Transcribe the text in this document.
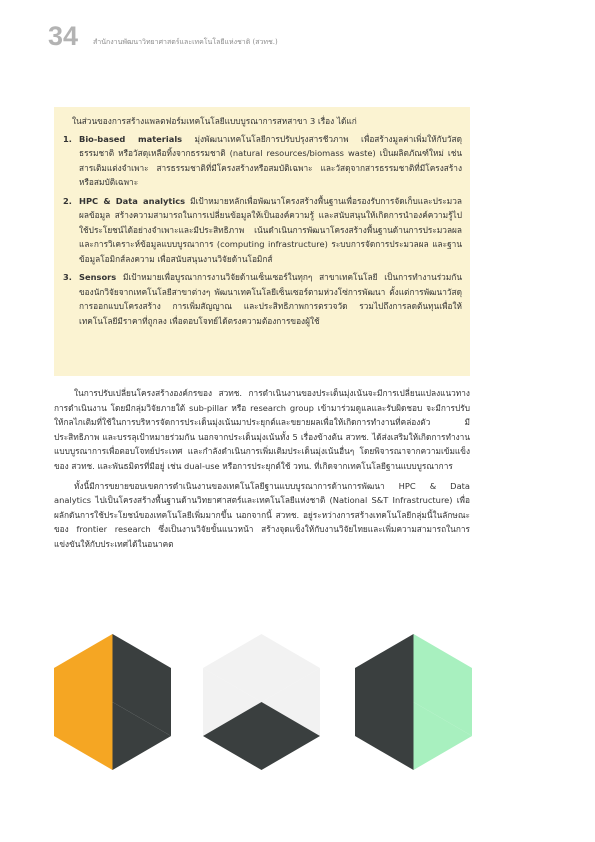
34 สำนักงานพัฒนาวิทยาศาสตร์และเทคโนโลยีแห่งชาติ (สวทช.)
ในส่วนของการสร้างแพลตฟอร์มเทคโนโลยีแบบบูรณาการสหสาขา 3 เรื่อง ได้แก่
1. Bio-based materials มุ่งพัฒนาเทคโนโลยีการปรับปรุงสารชีวภาพ เพื่อสร้างมูลค่าเพิ่มให้กับวัสดุธรรมชาติ หรือวัสดุเหลือทิ้งจากธรรมชาติ (natural resources/biomass waste) เป็นผลิตภัณฑ์ใหม่ เช่น สารเติมแต่งจำเพาะ สารธรรมชาติที่มีโครงสร้างหรือสมบัติเฉพาะ และวัสดุจากสารธรรมชาติที่มีโครงสร้างหรือสมบัติเฉพาะ
2. HPC & Data analytics มีเป้าหมายหลักเพื่อพัฒนาโครงสร้างพื้นฐานเพื่อรองรับการจัดเก็บและประมวลผลข้อมูล สร้างความสามารถในการเปลี่ยนข้อมูลให้เป็นองค์ความรู้ และสนับสนุนให้เกิดการนำองค์ความรู้ไปใช้ประโยชน์ได้อย่างจำเพาะและมีประสิทธิภาพ เน้นดำเนินการพัฒนาโครงสร้างพื้นฐานด้านการประมวลผลและการวิเคราะห์ข้อมูลแบบบูรณาการ (computing infrastructure) ระบบการจัดการประมวลผล และฐานข้อมูลโอมิกส์ลงความ เพื่อสนับสนุนงานวิจัยด้านโอมิกส์
3. Sensors มีเป้าหมายเพื่อบูรณาการงานวิจัยด้านเซ็นเซอร์ในทุกๆ สาขาเทคโนโลยี เป็นการทำงานร่วมกันของนักวิจัยจากเทคโนโลยีสาขาต่างๆ พัฒนาเทคโนโลยีเซ็นเซอร์ตามห่วงโซ่การพัฒนา ตั้งแต่การพัฒนาวัสดุ การออกแบบโครงสร้าง การเพิ่มสัญญาณ และประสิทธิภาพการตรวจวัด รวมไปถึงการลดต้นทุนเพื่อให้เทคโนโลยีมีราคาที่ถูกลง เพื่อตอบโจทย์ได้ตรงความต้องการของผู้ใช้

ในการปรับเปลี่ยนโครงสร้างองค์กรของ สวทช. การดำเนินงานของประเด็นมุ่งเน้นจะมีการเปลี่ยนแปลงแนวทางการดำเนินงาน โดยมีกลุ่มวิจัยภายใต้ sub-pillar หรือ research group เข้ามาร่วมดูแลและรับผิดชอบ จะมีการปรับให้กลไกเติมที่ใช้ในการบริหารจัดการประเด็นมุ่งเน้นมาประยุกต์และขยายผลเพื่อให้เกิดการทำงานที่คล่องตัว มีประสิทธิภาพ และบรรลุเป้าหมายร่วมกัน นอกจากประเด็นมุ่งเน้นทั้ง 5 เรื่องข้างต้น สวทช. ได้ส่งเสริมให้เกิดการทำงานแบบบูรณาการเพื่อตอบโจทย์ประเทศ และกำลังดำเนินการเพิ่มเติมประเด็นมุ่งเน้นอื่นๆ โดยพิจารณาจากความเข้มแข็งของ สวทช. และพันธมิตรที่มีอยู่ เช่น dual-use หรือการประยุกต์ใช้ วทน. ที่เกิดจากเทคโนโลยีฐานแบบบูรณาการ

ทั้งนี้มีการขยายขอบเขตการดำเนินงานของเทคโนโลยีฐานแบบบูรณาการด้านการพัฒนา HPC & Data analytics ไปเป็นโครงสร้างพื้นฐานด้านวิทยาศาสตร์และเทคโนโลยีแห่งชาติ (National S&T Infrastructure) เพื่อผลักดันการใช้ประโยชน์ของเทคโนโลยีเพิ่มมากขึ้น นอกจากนี้ สวทช. อยู่ระหว่างการสร้างเทคโนโลยีกลุ่มนี้ในลักษณะของ frontier research ซึ่งเป็นงานวิจัยขั้นแนวหน้า สร้างจุดแข็งให้กับงานวิจัยไทยและเพิ่มความสามารถในการแข่งขันให้กับประเทศได้ในอนาคต
